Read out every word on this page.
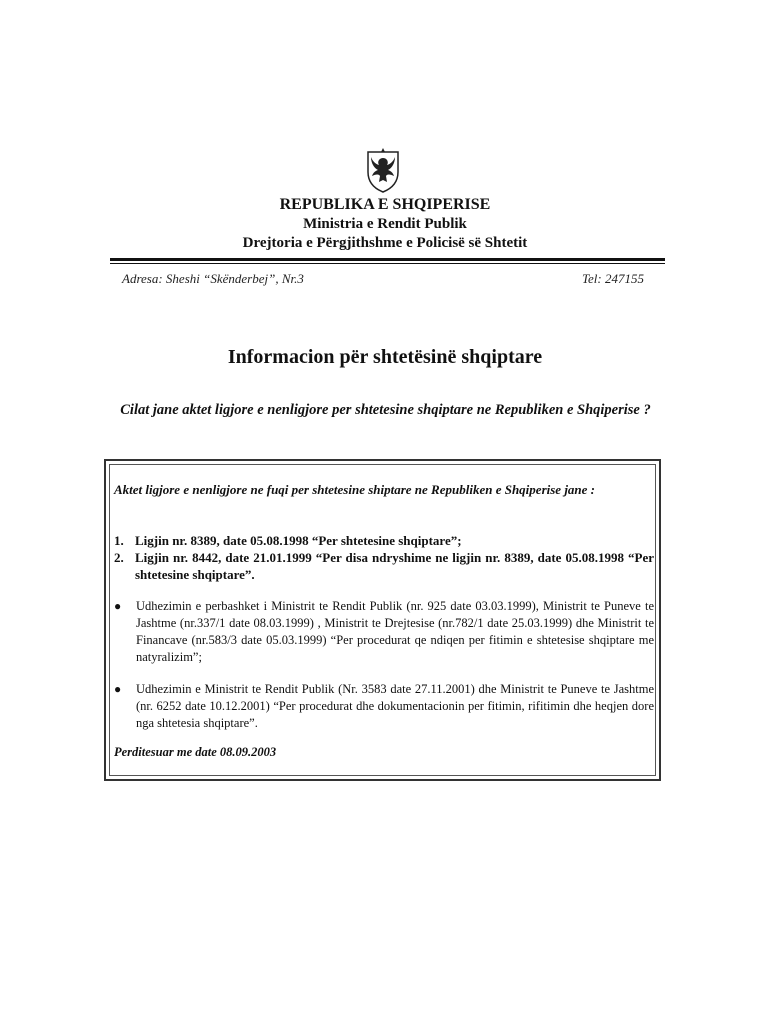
REPUBLIKA E SHQIPERISE
Ministria e Rendit Publik
Drejtoria e Përgjithshme e Policisë së Shtetit
Adresa: Sheshi “Skënderbej”, Nr.3	Tel: 247155
Informacion për shtetësinë shqiptare
Cilat jane aktet ligjore e nenligjore per shtetesine shqiptare ne Republiken e Shqiperise ?
Aktet ligjore e nenligjore ne fuqi per shtetesine shiptare ne Republiken e Shqiperise jane :
1. Ligjin nr. 8389, date 05.08.1998 “Per shtetesine shqiptare”;
2. Ligjin nr. 8442, date 21.01.1999 “Per disa ndryshime ne ligjin nr. 8389, date 05.08.1998 “Per shtetesine shqiptare”.
● Udhezimin e perbashket i Ministrit te Rendit Publik (nr. 925 date 03.03.1999), Ministrit te Puneve te Jashtme (nr.337/1 date 08.03.1999) , Ministrit te Drejtesise (nr.782/1 date 25.03.1999) dhe Ministrit te Financave (nr.583/3 date 05.03.1999) “Per procedurat qe ndiqen per fitimin e shtetesise shqiptare me natyralizim”;
● Udhezimin e Ministrit te Rendit Publik (Nr. 3583 date 27.11.2001) dhe Ministrit te Puneve te Jashtme (nr. 6252 date 10.12.2001) “Per procedurat dhe dokumentacionin per fitimin, rifitimin dhe heqjen dore nga shtetesia shqiptare”.
Perditesuar me date 08.09.2003
